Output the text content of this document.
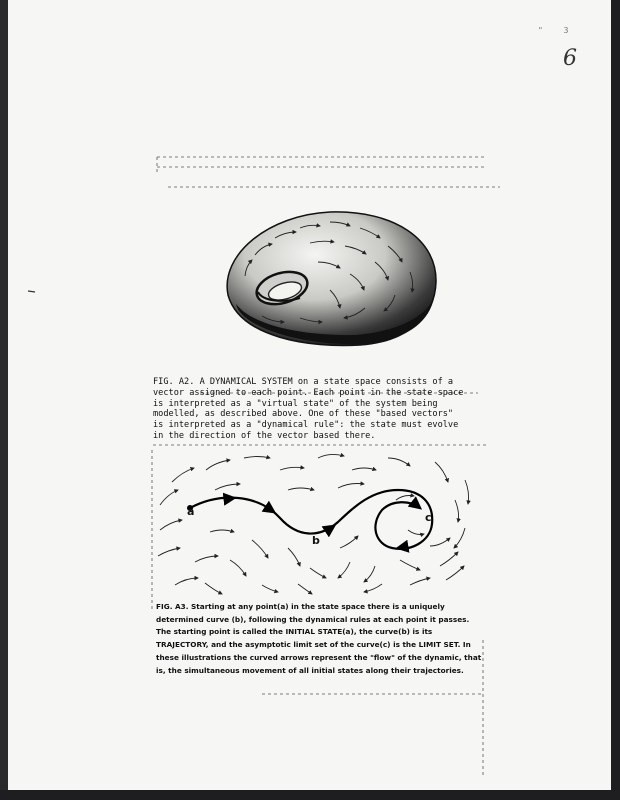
" 3
6
FIG. A2. A DYNAMICAL SYSTEM on a state space consists of a
vector assigned to each point. Each point in the state space
is interpreted as a "virtual state" of the system being
modelled, as described above. One of these "based vectors"
is interpreted as a "dynamical rule": the state must evolve
in the direction of the vector based there.
a
b
c
FIG. A3. Starting at any point(a) in the state space there is a uniquely determined curve (b), following the dynamical rules at each point it passes. The starting point is called the INITIAL STATE(a), the curve(b) is its TRAJECTORY, and the asymptotic limit set of the curve(c) is the LIMIT SET. In these illustrations the curved arrows represent the "flow" of the dynamic, that is, the simultaneous movement of all initial states along their trajectories.
